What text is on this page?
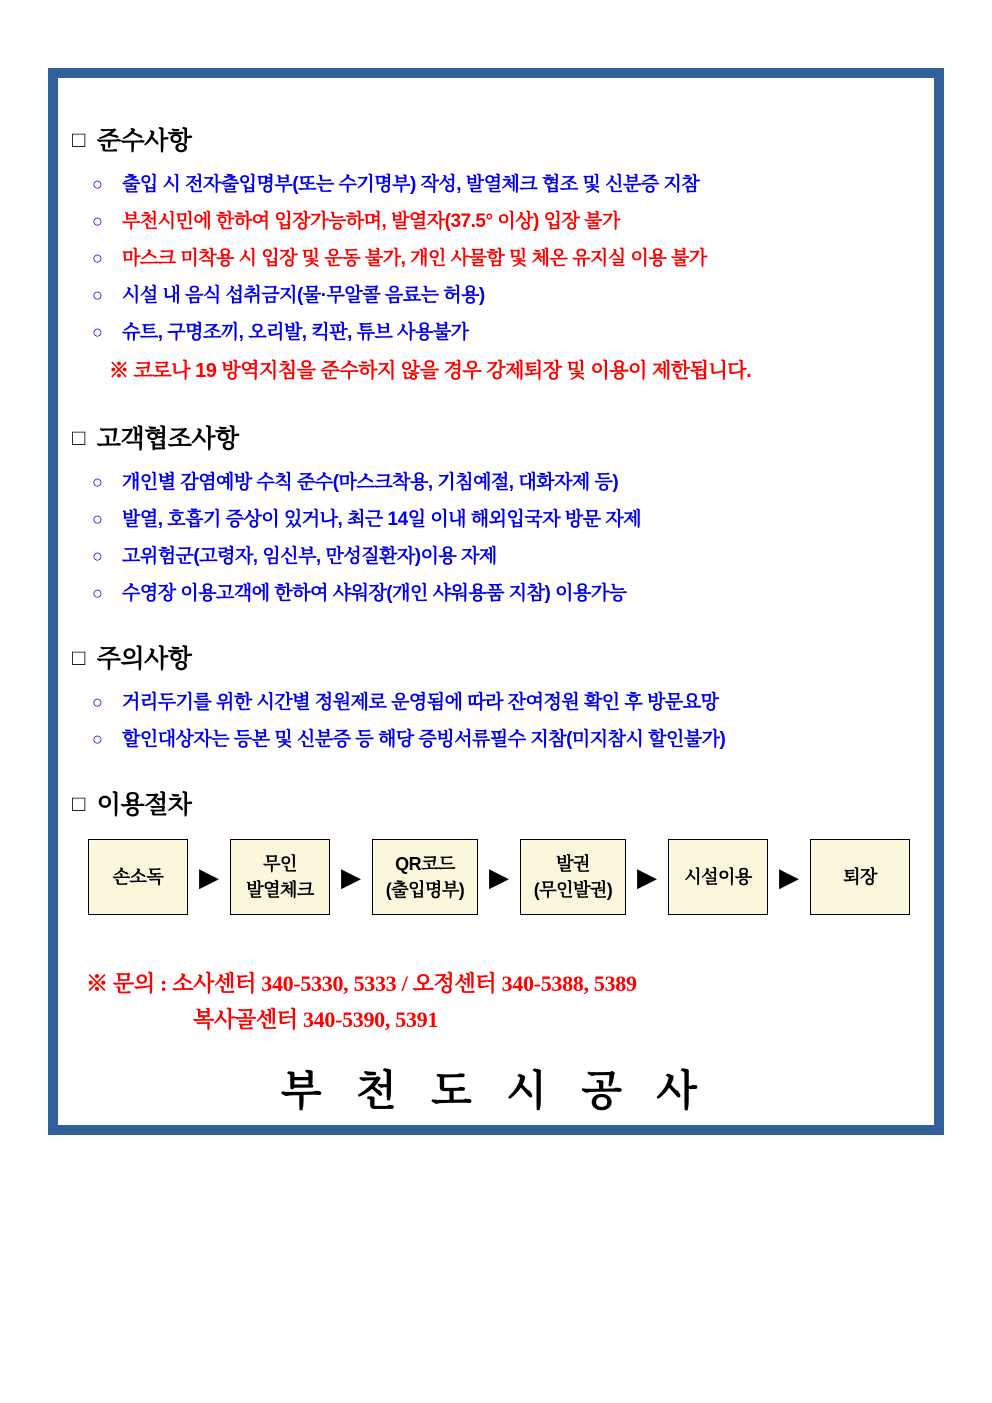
□ 준수사항
○	출입 시 전자출입명부(또는 수기명부) 작성, 발열체크 협조 및 신분증 지참
○	부천시민에 한하여 입장가능하며, 발열자(37.5° 이상) 입장 불가
○	마스크 미착용 시 입장 및 운동 불가, 개인 사물함 및 체온 유지실 이용 불가
○	시설 내 음식 섭취금지(물·무알콜 음료는 허용)
○	슈트, 구명조끼, 오리발, 킥판, 튜브 사용불가
※ 코로나 19 방역지침을 준수하지 않을 경우 강제퇴장 및 이용이 제한됩니다.
□ 고객협조사항
○	개인별 감염예방 수칙 준수(마스크착용, 기침예절, 대화자제 등)
○	발열, 호흡기 증상이 있거나, 최근 14일 이내 해외입국자 방문 자제
○	고위험군(고령자, 임신부, 만성질환자)이용 자제
○	수영장 이용고객에 한하여 샤워장(개인 샤워용품 지참) 이용가능
□ 주의사항
○	거리두기를 위한 시간별 정원제로 운영됨에 따라 잔여정원 확인 후 방문요망
○	할인대상자는 등본 및 신분증 등 해당 증빙서류필수 지참(미지참시 할인불가)
□ 이용절차
손소독 ▶ 무인
발열체크 ▶ QR코드
(출입명부) ▶	발권
(무인발권) ▶ 시설이용 ▶ 퇴장
※ 문의 : 소사센터 340-5330, 5333 / 오정센터 340-5388, 5389
복사골센터 340-5390, 5391
부 천 도 시 공 사
